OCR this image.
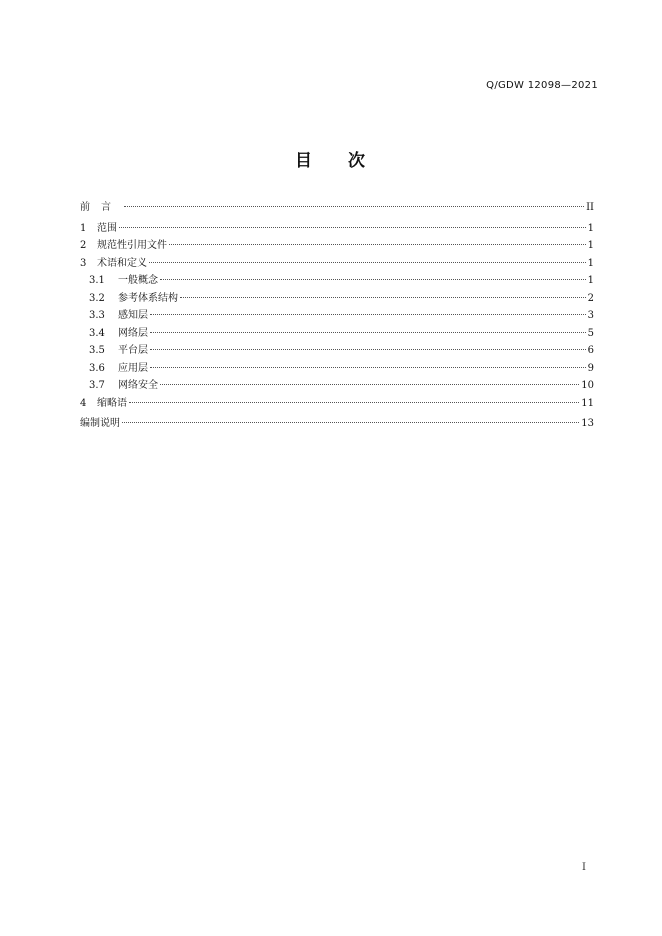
Q/GDW 12098—2021
目 次
前言	II
1	范围	1
2	规范性引用文件	1
3	术语和定义	1
3.1	一般概念	1
3.2	参考体系结构	2
3.3	感知层	3
3.4	网络层	5
3.5	平台层	6
3.6	应用层	9
3.7	网络安全	10
4	缩略语	11
编制说明	13
I
